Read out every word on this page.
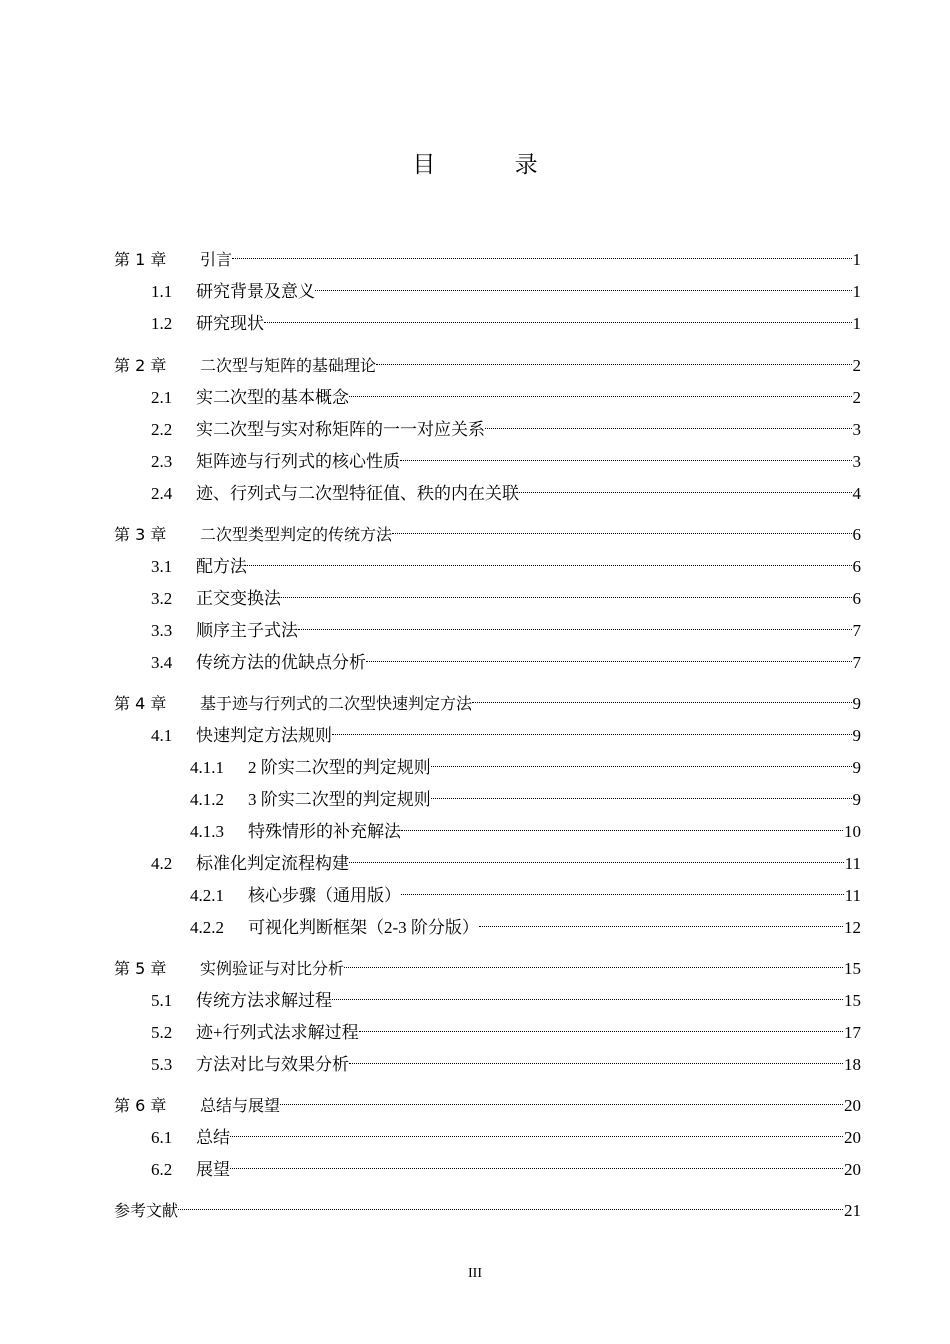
目 录
第 1 章	引言	1
1.1	研究背景及意义	1
1.2	研究现状	1
第 2 章	二次型与矩阵的基础理论	2
2.1	实二次型的基本概念	2
2.2	实二次型与实对称矩阵的一一对应关系	3
2.3	矩阵迹与行列式的核心性质	3
2.4	迹、行列式与二次型特征值、秩的内在关联	4
第 3 章	二次型类型判定的传统方法	6
3.1	配方法	6
3.2	正交变换法	6
3.3	顺序主子式法	7
3.4	传统方法的优缺点分析	7
第 4 章	基于迹与行列式的二次型快速判定方法	9
4.1	快速判定方法规则	9
4.1.1	2 阶实二次型的判定规则	9
4.1.2	3 阶实二次型的判定规则	9
4.1.3	特殊情形的补充解法	10
4.2	标准化判定流程构建	11
4.2.1	核心步骤（通用版）	11
4.2.2	可视化判断框架（2-3 阶分版）	12
第 5 章	实例验证与对比分析	15
5.1	传统方法求解过程	15
5.2	迹+行列式法求解过程	17
5.3	方法对比与效果分析	18
第 6 章	总结与展望	20
6.1	总结	20
6.2	展望	20
参考文献	21
III
